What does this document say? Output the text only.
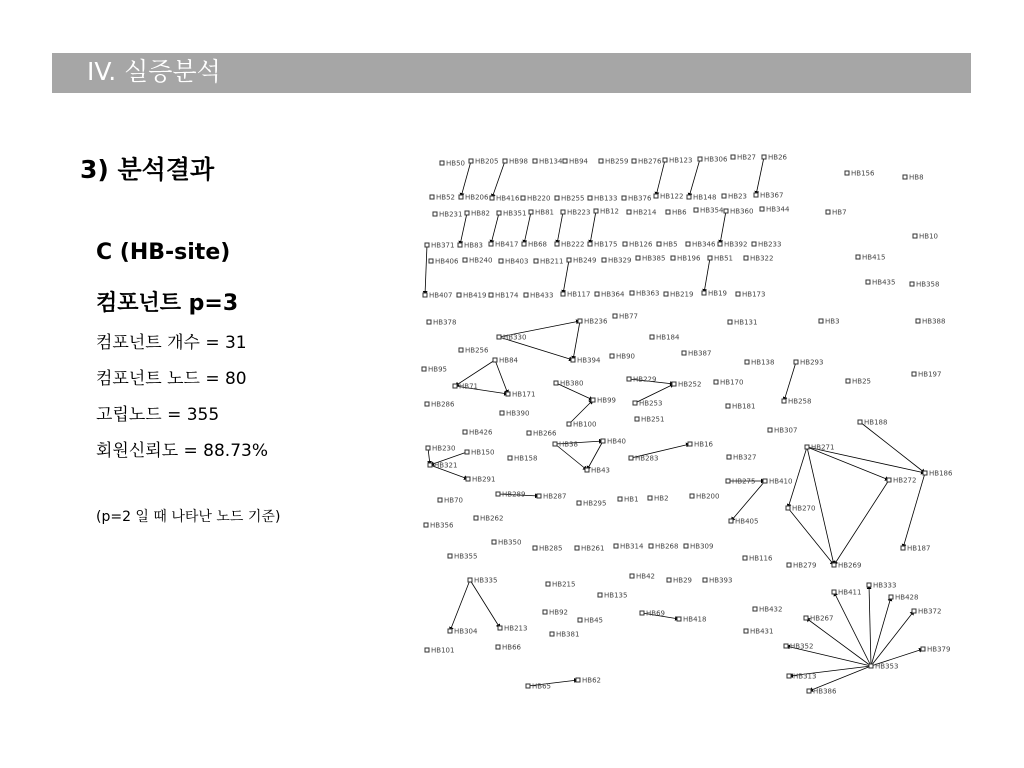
IV. 실증분석
3) 분석결과
C (HB-site)
컴포넌트 p=3
컴포넌트 개수 = 31
컴포넌트 노드 = 80
고립노드 = 355
회원신뢰도 = 88.73%
(p=2 일 때 나타난 노드 기준)
HB50 HB205 HB98 HB134 HB94 HB259 HB276 HB123 HB306 HB27 HB26
HB156	HB8
HB52 HB206 HB416 HB220 HB255 HB133 HB376 HB122 HB148 HB23 HB367
HB231 HB82 HB351 HB81 HB223 HB12 HB214 HB6 HB354 HB360 HB344	HB7
HB10
HB371 HB83 HB417 HB68 HB222 HB175 HB126 HB5 HB346 HB392 HB233
HB406 HB240 HB403 HB211 HB249 HB329 HB385 HB196 HB51 HB322	HB415
HB435	HB358
HB407 HB419 HB174 HB433 HB117 HB364 HB363 HB219 HB19 HB173
HB77
HB378	HB236	HB131	HB3	HB388
HB330	HB184
HB256
HB90	HB387
HB84	HB394	HB138	HB293
HB95
HB197
HB229
HB380	HB252	HB170	HB25
HB71
HB171
HB286	HB99	HB253	HB181
HB258
HB390
HB251
HB100	HB188
HB426	HB266	HB307
HB40	HB16	HB271
HB230 HB150
HB38
HB158	HB283	HB327
HB321
HB43	HB186
HB291	HB275 HB410	HB272
HB289	HB287	HB1 HB2	HB200
HB70	HB295
HB270
HB262	HB405
HB356
HB350
HB285	HB261 HB314 HB268 HB309	HB187
HB355	HB116
HB279	HB269
HB42	HB29 HB393
HB335	HB215	HB333
HB135	HB411
HB428
HB92	HB69	HB432	HB372
HB45	HB418	HB267
HB213
HB304	HB381	HB431
HB66	HB352	HB379
HB101
HB353
HB313
HB62
HB65
HB386
